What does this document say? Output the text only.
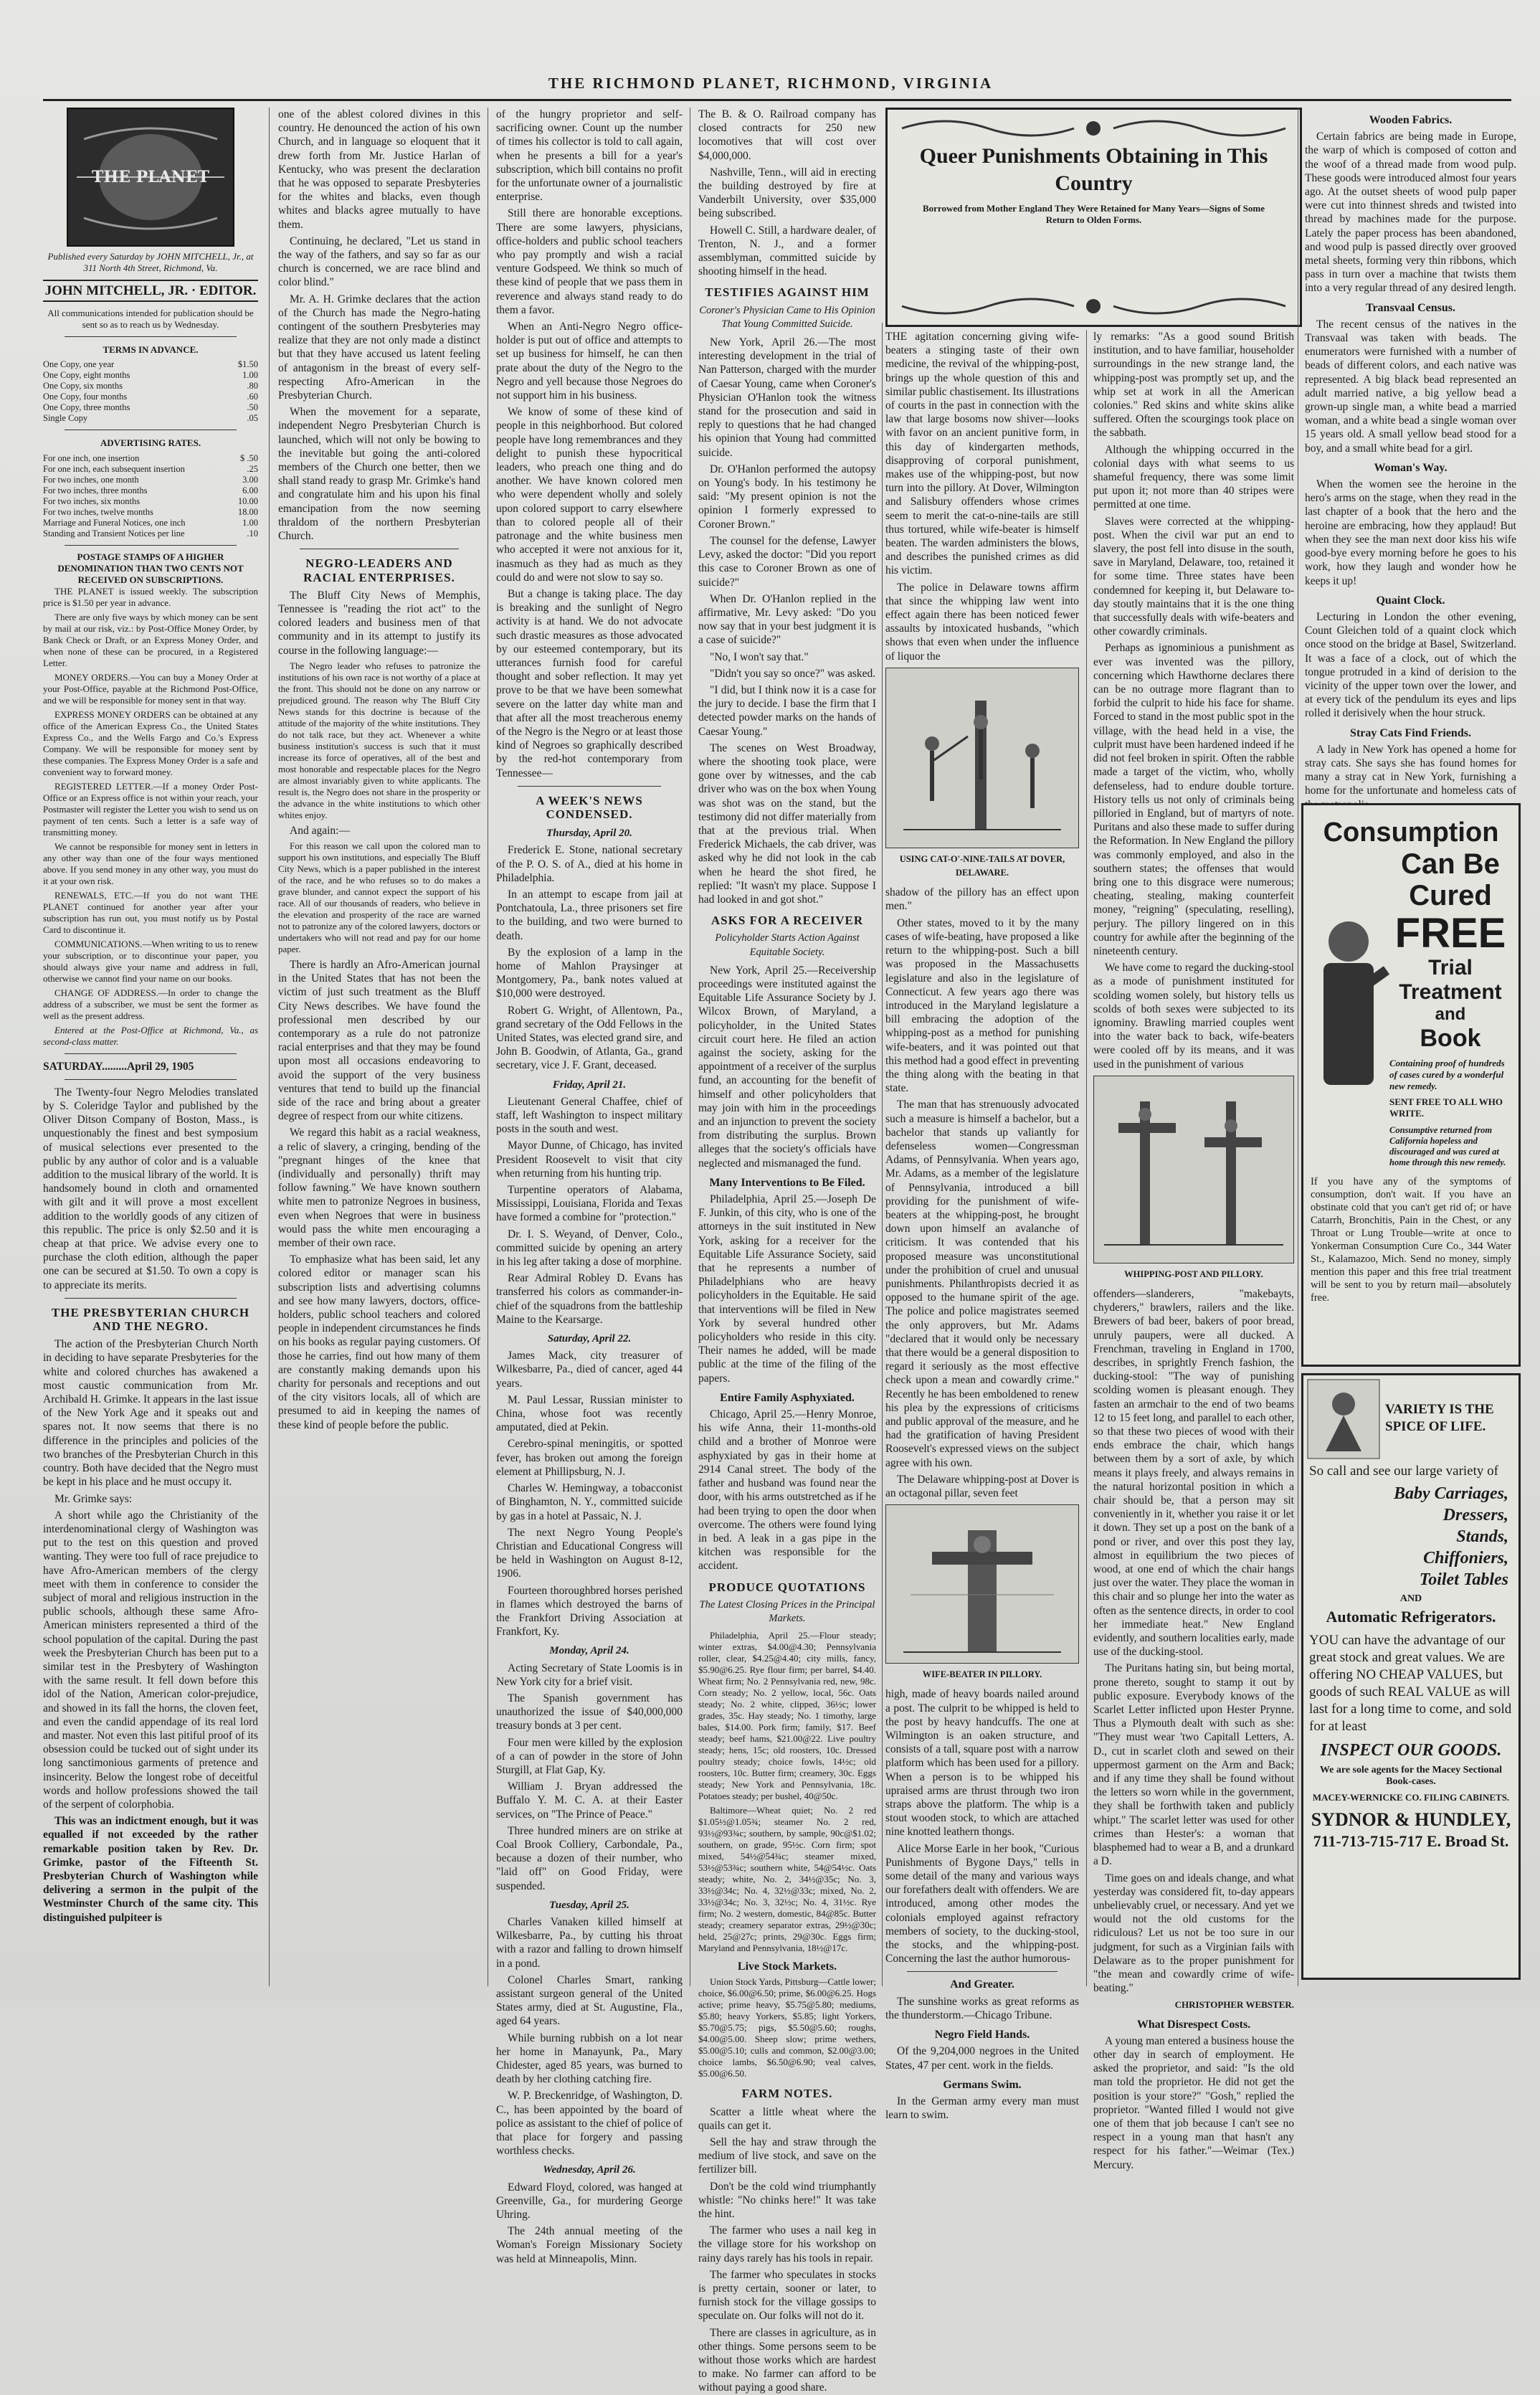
THE RICHMOND PLANET, RICHMOND, VIRGINIA
THE PLANET
Published every Saturday by JOHN MITCHELL, Jr., at 311 North 4th Street, Richmond, Va.
JOHN MITCHELL, JR. · EDITOR.
All communications intended for publication should be sent so as to reach us by Wednesday.
TERMS IN ADVANCE.
One Copy, one year	$1.50
One Copy, eight months	1.00
One Copy, six months	.80
One Copy, four months	.60
One Copy, three months	.50
Single Copy	.05
ADVERTISING RATES.
For one inch, one insertion	$ .50
For one inch, each subsequent insertion	.25
For two inches, one month	3.00
For two inches, three months	6.00
For two inches, six months	10.00
For two inches, twelve months	18.00
Marriage and Funeral Notices, one inch	1.00
Standing and Transient Notices per line	.10
POSTAGE STAMPS OF A HIGHER DENOMINATION THAN TWO CENTS NOT RECEIVED ON SUBSCRIPTIONS.

THE PLANET is issued weekly. The subscription price is $1.50 per year in advance.

There are only five ways by which money can be sent by mail at our risk, viz.: by Post-Office Money Order, by Bank Check or Draft, or an Express Money Order, and when none of these can be procured, in a Registered Letter.

MONEY ORDERS.—You can buy a Money Order at your Post-Office, payable at the Richmond Post-Office, and we will be responsible for money sent in that way.

EXPRESS MONEY ORDERS can be obtained at any office of the American Express Co., the United States Express Co., and the Wells Fargo and Co.'s Express Company. We will be responsible for money sent by these companies. The Express Money Order is a safe and convenient way to forward money.

REGISTERED LETTER.—If a money Order Post-Office or an Express office is not within your reach, your Postmaster will register the Letter you wish to send us on payment of ten cents. Such a letter is a safe way of transmitting money.

We cannot be responsible for money sent in letters in any other way than one of the four ways mentioned above. If you send money in any other way, you must do it at your own risk.

RENEWALS, ETC.—If you do not want THE PLANET continued for another year after your subscription has run out, you must notify us by Postal Card to discontinue it.

COMMUNICATIONS.—When writing to us to renew your subscription, or to discontinue your paper, you should always give your name and address in full, otherwise we cannot find your name on our books.

CHANGE OF ADDRESS.—In order to change the address of a subscriber, we must be sent the former as well as the present address.

Entered at the Post-Office at Richmond, Va., as second-class matter.

SATURDAY.........April 29, 1905

The Twenty-four Negro Melodies translated by S. Coleridge Taylor and published by the Oliver Ditson Company of Boston, Mass., is unquestionably the finest and best symposium of musical selections ever presented to the public by any author of color and is a valuable addition to the musical library of the world. It is handsomely bound in cloth and ornamented with gilt and it will prove a most excellent addition to the worldly goods of any citizen of this republic. The price is only $2.50 and it is cheap at that price. We advise every one to purchase the cloth edition, although the paper one can be secured at $1.50. To own a copy is to appreciate its merits.

THE PRESBYTERIAN CHURCH AND THE NEGRO.

The action of the Presbyterian Church North in deciding to have separate Presbyteries for the white and colored churches has awakened a most caustic communication from Mr. Archibald H. Grimke. It appears in the last issue of the New York Age and it speaks out and spares not. It now seems that there is no difference in the principles and policies of the two branches of the Presbyterian Church in this country. Both have decided that the Negro must be kept in his place and he must occupy it.

Mr. Grimke says:

A short while ago the Christianity of the interdenominational clergy of Washington was put to the test on this question and proved wanting. They were too full of race prejudice to have Afro-American members of the clergy meet with them in conference to consider the subject of moral and religious instruction in the public schools, although these same Afro-American ministers represented a third of the school population of the capital. During the past week the Presbyterian Church has been put to a similar test in the Presbytery of Washington with the same result. It fell down before this idol of the Nation, American color-prejudice, and showed in its fall the horns, the cloven feet, and even the candid appendage of its real lord and master. Not even this last pitiful proof of its obsession could be tucked out of sight under its long sanctimonious garments of pretence and insincerity. Below the longest robe of deceitful words and hollow professions showed the tail of the serpent of colorphobia.

This was an indictment enough, but it was equalled if not exceeded by the rather remarkable position taken by Rev. Dr. Grimke, pastor of the Fifteenth St. Presbyterian Church of Washington while delivering a sermon in the pulpit of the Westminster Church of the same city. This distinguished pulpiteer is

one of the ablest colored divines in this country. He denounced the action of his own Church, and in language so eloquent that it drew forth from Mr. Justice Harlan of Kentucky, who was present the declaration that he was opposed to separate Presbyteries for the whites and blacks, even though whites and blacks agree mutually to have them.

Continuing, he declared, "Let us stand in the way of the fathers, and say so far as our church is concerned, we are race blind and color blind."

Mr. A. H. Grimke declares that the action of the Church has made the Negro-hating contingent of the southern Presbyteries may realize that they are not only made a distinct but that they have accused us latent feeling of antagonism in the breast of every self-respecting Afro-American in the Presbyterian Church.

When the movement for a separate, independent Negro Presbyterian Church is launched, which will not only be bowing to the inevitable but going the anti-colored members of the Church one better, then we shall stand ready to grasp Mr. Grimke's hand and congratulate him and his upon his final emancipation from the now seeming thraldom of the northern Presbyterian Church.

NEGRO-LEADERS AND RACIAL ENTERPRISES.

The Bluff City News of Memphis, Tennessee is "reading the riot act" to the colored leaders and business men of that community and in its attempt to justify its course in the following language:—

The Negro leader who refuses to patronize the institutions of his own race is not worthy of a place at the front. This should not be done on any narrow or prejudiced ground. The reason why The Bluff City News stands for this doctrine is because of the attitude of the majority of the white institutions. They do not talk race, but they act. Whenever a white business institution's success is such that it must increase its force of operatives, all of the best and most honorable and respectable places for the Negro are almost invariably given to white applicants. The result is, the Negro does not share in the prosperity or the advance in the white institutions to which other whites enjoy.

And again:—

For this reason we call upon the colored man to support his own institutions, and especially The Bluff City News, which is a paper published in the interest of the race, and he who refuses so to do makes a grave blunder, and cannot expect the support of his race. All of our thousands of readers, who believe in the elevation and prosperity of the race are warned not to patronize any of the colored lawyers, doctors or undertakers who will not read and pay for our home paper.

There is hardly an Afro-American journal in the United States that has not been the victim of just such treatment as the Bluff City News describes. We have found the professional men described by our contemporary as a rule do not patronize racial enterprises and that they may be found upon most all occasions endeavoring to avoid the support of the very business ventures that tend to build up the financial side of the race and bring about a greater degree of respect from our white citizens.

We regard this habit as a racial weakness, a relic of slavery, a cringing, bending of the "pregnant hinges of the knee that (individually and personally) thrift may follow fawning." We have known southern white men to patronize Negroes in business, even when Negroes that were in business would pass the white men encouraging a member of their own race.

To emphasize what has been said, let any colored editor or manager scan his subscription lists and advertising columns and see how many lawyers, doctors, office-holders, public school teachers and colored people in independent circumstances he finds on his books as regular paying customers. Of those he carries, find out how many of them are constantly making demands upon his charity for personals and receptions and out of the city visitors locals, all of which are presumed to aid in keeping the names of these kind of people before the public.

of the hungry proprietor and self-sacrificing owner. Count up the number of times his collector is told to call again, when he presents a bill for a year's subscription, which bill contains no profit for the unfortunate owner of a journalistic enterprise.

Still there are honorable exceptions. There are some lawyers, physicians, office-holders and public school teachers who pay promptly and wish a racial venture Godspeed. We think so much of these kind of people that we pass them in reverence and always stand ready to do them a favor.

When an Anti-Negro Negro office-holder is put out of office and attempts to set up business for himself, he can then prate about the duty of the Negro to the Negro and yell because those Negroes do not support him in his business.

We know of some of these kind of people in this neighborhood. But colored people have long remembrances and they delight to punish these hypocritical leaders, who preach one thing and do another. We have known colored men who were dependent wholly and solely upon colored support to carry elsewhere than to colored people all of their patronage and the white business men who accepted it were not anxious for it, inasmuch as they had as much as they could do and were not slow to say so.

But a change is taking place. The day is breaking and the sunlight of Negro activity is at hand. We do not advocate such drastic measures as those advocated by our esteemed contemporary, but its utterances furnish food for careful thought and sober reflection. It may yet prove to be that we have been somewhat severe on the latter day white man and that after all the most treacherous enemy of the Negro is the Negro or at least those kind of Negroes so graphically described by the red-hot contemporary from Tennessee—

A WEEK'S NEWS CONDENSED.
Thursday, April 20.

Frederick E. Stone, national secretary of the P. O. S. of A., died at his home in Philadelphia.

In an attempt to escape from jail at Pontchatoula, La., three prisoners set fire to the building, and two were burned to death.

By the explosion of a lamp in the home of Mahlon Praysinger at Montgomery, Pa., bank notes valued at $10,000 were destroyed.

Robert G. Wright, of Allentown, Pa., grand secretary of the Odd Fellows in the United States, was elected grand sire, and John B. Goodwin, of Atlanta, Ga., grand secretary, vice J. F. Grant, deceased.

Friday, April 21.

Lieutenant General Chaffee, chief of staff, left Washington to inspect military posts in the south and west.

Mayor Dunne, of Chicago, has invited President Roosevelt to visit that city when returning from his hunting trip.

Turpentine operators of Alabama, Mississippi, Louisiana, Florida and Texas have formed a combine for "protection."

Dr. I. S. Weyand, of Denver, Colo., committed suicide by opening an artery in his leg after taking a dose of morphine.

Rear Admiral Robley D. Evans has transferred his colors as commander-in-chief of the squadrons from the battleship Maine to the Kearsarge.

Saturday, April 22.

James Mack, city treasurer of Wilkesbarre, Pa., died of cancer, aged 44 years.

M. Paul Lessar, Russian minister to China, whose foot was recently amputated, died at Pekin.

Cerebro-spinal meningitis, or spotted fever, has broken out among the foreign element at Phillipsburg, N. J.

Charles W. Hemingway, a tobacconist of Binghamton, N. Y., committed suicide by gas in a hotel at Passaic, N. J.

The next Negro Young People's Christian and Educational Congress will be held in Washington on August 8-12, 1906.

Fourteen thoroughbred horses perished in flames which destroyed the barns of the Frankfort Driving Association at Frankfort, Ky.

Monday, April 24.

Acting Secretary of State Loomis is in New York city for a brief visit.

The Spanish government has unauthorized the issue of $40,000,000 treasury bonds at 3 per cent.

Four men were killed by the explosion of a can of powder in the store of John Sturgill, at Flat Gap, Ky.

William J. Bryan addressed the Buffalo Y. M. C. A. at their Easter services, on "The Prince of Peace."

Three hundred miners are on strike at Coal Brook Colliery, Carbondale, Pa., because a dozen of their number, who "laid off" on Good Friday, were suspended.

Tuesday, April 25.

Charles Vanaken killed himself at Wilkesbarre, Pa., by cutting his throat with a razor and falling to drown himself in a pond.

Colonel Charles Smart, ranking assistant surgeon general of the United States army, died at St. Augustine, Fla., aged 64 years.

While burning rubbish on a lot near her home in Manayunk, Pa., Mary Chidester, aged 85 years, was burned to death by her clothing catching fire.

W. P. Breckenridge, of Washington, D. C., has been appointed by the board of police as assistant to the chief of police of that place for forgery and passing worthless checks.

Wednesday, April 26.

Edward Floyd, colored, was hanged at Greenville, Ga., for murdering George Uhring.

The 24th annual meeting of the Woman's Foreign Missionary Society was held at Minneapolis, Minn.

The B. & O. Railroad company has closed contracts for 250 new locomotives that will cost over $4,000,000.

Nashville, Tenn., will aid in erecting the building destroyed by fire at Vanderbilt University, over $35,000 being subscribed.

Howell C. Still, a hardware dealer, of Trenton, N. J., and a former assemblyman, committed suicide by shooting himself in the head.

TESTIFIES AGAINST HIM
Coroner's Physician Came to His Opinion That Young Committed Suicide.

New York, April 26.—The most interesting development in the trial of Nan Patterson, charged with the murder of Caesar Young, came when Coroner's Physician O'Hanlon took the witness stand for the prosecution and said in reply to questions that he had changed his opinion that Young had committed suicide.

Dr. O'Hanlon performed the autopsy on Young's body. In his testimony he said: "My present opinion is not the opinion I formerly expressed to Coroner Brown."

The counsel for the defense, Lawyer Levy, asked the doctor: "Did you report this case to Coroner Brown as one of suicide?"

When Dr. O'Hanlon replied in the affirmative, Mr. Levy asked: "Do you now say that in your best judgment it is a case of suicide?"

"No, I won't say that."

"Didn't you say so once?" was asked.

"I did, but I think now it is a case for the jury to decide. I base the firm that I detected powder marks on the hands of Caesar Young."

The scenes on West Broadway, where the shooting took place, were gone over by witnesses, and the cab driver who was on the box when Young was shot was on the stand, but the testimony did not differ materially from that at the previous trial. When Frederick Michaels, the cab driver, was asked why he did not look in the cab when he heard the shot fired, he replied: "It wasn't my place. Suppose I had looked in and got shot."

ASKS FOR A RECEIVER
Policyholder Starts Action Against Equitable Society.

New York, April 25.—Receivership proceedings were instituted against the Equitable Life Assurance Society by J. Wilcox Brown, of Maryland, a policyholder, in the United States circuit court here. He filed an action against the society, asking for the appointment of a receiver of the surplus fund, an accounting for the benefit of himself and other policyholders that may join with him in the proceedings and an injunction to prevent the society from distributing the surplus. Brown alleges that the society's officials have neglected and mismanaged the fund.

Many Interventions to Be Filed.

Philadelphia, April 25.—Joseph De F. Junkin, of this city, who is one of the attorneys in the suit instituted in New York, asking for a receiver for the Equitable Life Assurance Society, said that he represents a number of Philadelphians who are heavy policyholders in the Equitable. He said that interventions will be filed in New York by several hundred other policyholders who reside in this city. Their names he added, will be made public at the time of the filing of the papers.

Entire Family Asphyxiated.

Chicago, April 25.—Henry Monroe, his wife Anna, their 11-months-old child and a brother of Monroe were asphyxiated by gas in their home at 2914 Canal street. The body of the father and husband was found near the door, with his arms outstretched as if he had been trying to open the door when overcome. The others were found lying in bed. A leak in a gas pipe in the kitchen was responsible for the accident.

PRODUCE QUOTATIONS
The Latest Closing Prices in the Principal Markets.

Philadelphia, April 25.—Flour steady; winter extras, $4.00@4.30; Pennsylvania roller, clear, $4.25@4.40; city mills, fancy, $5.90@6.25. Rye flour firm; per barrel, $4.40. Wheat firm; No. 2 Pennsylvania red, new, 98c. Corn steady; No. 2 yellow, local, 56c. Oats steady; No. 2 white, clipped, 36½c; lower grades, 35c. Hay steady; No. 1 timothy, large bales, $14.00. Pork firm; family, $17. Beef steady; beef hams, $21.00@22. Live poultry steady; hens, 15c; old roosters, 10c. Dressed poultry steady; choice fowls, 14½c; old roosters, 10c. Butter firm; creamery, 30c. Eggs steady; New York and Pennsylvania, 18c. Potatoes steady; per bushel, 40@50c.

Baltimore—Wheat quiet; No. 2 red $1.05½@1.05¾; steamer No. 2 red, 93½@93¾c; southern, by sample, 90c@$1.02; southern, on grade, 95½c. Corn firm; spot mixed, 54½@54¾c; steamer mixed, 53½@53¾c; southern white, 54@54½c. Oats steady; white, No. 2, 34½@35c; No. 3, 33½@34c; No. 4, 32½@33c; mixed, No. 2, 33½@34c; No. 3, 32½c; No. 4, 31½c. Rye firm; No. 2 western, domestic, 84@85c. Butter steady; creamery separator extras, 29½@30c; held, 25@27c; prints, 29@30c. Eggs firm; Maryland and Pennsylvania, 18½@17c.

Live Stock Markets.

Union Stock Yards, Pittsburg—Cattle lower; choice, $6.00@6.50; prime, $6.00@6.25. Hogs active; prime heavy, $5.75@5.80; mediums, $5.80; heavy Yorkers, $5.85; light Yorkers, $5.70@5.75; pigs, $5.50@5.60; roughs, $4.00@5.00. Sheep slow; prime wethers, $5.00@5.10; culls and common, $2.00@3.00; choice lambs, $6.50@6.90; veal calves, $5.00@6.50.

FARM NOTES.

Scatter a little wheat where the quails can get it.

Sell the hay and straw through the medium of live stock, and save on the fertilizer bill.

Don't be the cold wind triumphantly whistle: "No chinks here!" It was take the hint.

The farmer who uses a nail keg in the village store for his workshop on rainy days rarely has his tools in repair.

The farmer who speculates in stocks is pretty certain, sooner or later, to furnish stock for the village gossips to speculate on. Our folks will not do it.

There are classes in agriculture, as in other things. Some persons seem to be without those works which are hardest to make. No farmer can afford to be without paying a good share.

Queer Punishments Obtaining in This Country
Borrowed from Mother England They Were Retained for Many Years—Signs of Some Return to Olden Forms.

THE agitation concerning giving wife-beaters a stinging taste of their own medicine, the revival of the whipping-post, brings up the whole question of this and similar public chastisement. Its illustrations of courts in the past in connection with the law that large bosoms now shiver—looks with favor on an ancient punitive form, in this day of kindergarten methods, disapproving of corporal punishment, makes use of the whipping-post, but now turn into the pillory. At Dover, Wilmington and Salisbury offenders whose crimes seem to merit the cat-o-nine-tails are still thus tortured, while wife-beater is himself beaten. The warden administers the blows, and describes the punished crimes as did his victim.

The police in Delaware towns affirm that since the whipping law went into effect again there has been noticed fewer assaults by intoxicated husbands, "which shows that even when under the influence of liquor the

USING CAT-O'-NINE-TAILS AT DOVER, DELAWARE.

shadow of the pillory has an effect upon men."

Other states, moved to it by the many cases of wife-beating, have proposed a like return to the whipping-post. Such a bill was proposed in the Massachusetts legislature and also in the legislature of Connecticut. A few years ago there was introduced in the Maryland legislature a bill embracing the adoption of the whipping-post as a method for punishing wife-beaters, and it was pointed out that this method had a good effect in preventing the thing along with the beating in that state.

The man that has strenuously advocated such a measure is himself a bachelor, but a bachelor that stands up valiantly for defenseless women—Congressman Adams, of Pennsylvania. When years ago, Mr. Adams, as a member of the legislature of Pennsylvania, introduced a bill providing for the punishment of wife-beaters at the whipping-post, he brought down upon himself an avalanche of criticism. It was contended that his proposed measure was unconstitutional under the prohibition of cruel and unusual punishments. Philanthropists decried it as opposed to the humane spirit of the age. The police and police magistrates seemed the only approvers, but Mr. Adams "declared that it would only be necessary that there would be a general disposition to regard it seriously as the most effective check upon a mean and cowardly crime." Recently he has been emboldened to renew his plea by the expressions of criticisms and public approval of the measure, and he had the gratification of having President Roosevelt's expressed views on the subject agree with his own.

The Delaware whipping-post at Dover is an octagonal pillar, seven feet

WIFE-BEATER IN PILLORY.

high, made of heavy boards nailed around a post. The culprit to be whipped is held to the post by heavy handcuffs. The one at Wilmington is an oaken structure, and consists of a tall, square post with a narrow platform which has been used for a pillory. When a person is to be whipped his upraised arms are thrust through two iron straps above the platform. The whip is a stout wooden stock, to which are attached nine knotted leathern thongs.

Alice Morse Earle in her book, "Curious Punishments of Bygone Days," tells in some detail of the many and various ways our forefathers dealt with offenders. We are introduced, among other modes the colonials employed against refractory members of society, to the ducking-stool, the stocks, and the whipping-post. Concerning the last the author humorous-

And Greater.

The sunshine works as great reforms as the thunderstorm.—Chicago Tribune.

Negro Field Hands.

Of the 9,204,000 negroes in the United States, 47 per cent. work in the fields.

Germans Swim.

In the German army every man must learn to swim.

ly remarks: "As a good sound British institution, and to have familiar, householder surroundings in the new strange land, the whipping-post was promptly set up, and the whip set at work in all the American colonies." Red skins and white skins alike suffered. Often the scourgings took place on the sabbath.

Although the whipping occurred in the colonial days with what seems to us shameful frequency, there was some limit put upon it; not more than 40 stripes were permitted at one time.

Slaves were corrected at the whipping-post. When the civil war put an end to slavery, the post fell into disuse in the south, save in Maryland, Delaware, too, retained it for some time. Three states have been condemned for keeping it, but Delaware to-day stoutly maintains that it is the one thing that successfully deals with wife-beaters and other cowardly criminals.

Perhaps as ignominious a punishment as ever was invented was the pillory, concerning which Hawthorne declares there can be no outrage more flagrant than to forbid the culprit to hide his face for shame. Forced to stand in the most public spot in the village, with the head held in a vise, the culprit must have been hardened indeed if he did not feel broken in spirit. Often the rabble made a target of the victim, who, wholly defenseless, had to endure double torture. History tells us not only of criminals being pilloried in England, but of martyrs of note. Puritans and also these made to suffer during the Reformation. In New England the pillory was commonly employed, and also in the southern states; the offenses that would bring one to this disgrace were numerous; cheating, stealing, making counterfeit money, "reigning" (speculating, reselling), perjury. The pillory lingered on in this country for awhile after the beginning of the nineteenth century.

We have come to regard the ducking-stool as a mode of punishment instituted for scolding women solely, but history tells us scolds of both sexes were subjected to its ignominy. Brawling married couples went into the water back to back, wife-beaters were cooled off by its means, and it was used in the punishment of various

WHIPPING-POST AND PILLORY.

offenders—slanderers, "makebayts, chyderers," brawlers, railers and the like. Brewers of bad beer, bakers of poor bread, unruly paupers, were all ducked. A Frenchman, traveling in England in 1700, describes, in sprightly French fashion, the ducking-stool: "The way of punishing scolding women is pleasant enough. They fasten an armchair to the end of two beams 12 to 15 feet long, and parallel to each other, so that these two pieces of wood with their ends embrace the chair, which hangs between them by a sort of axle, by which means it plays freely, and always remains in the natural horizontal position in which a chair should be, that a person may sit conveniently in it, whether you raise it or let it down. They set up a post on the bank of a pond or river, and over this post they lay, almost in equilibrium the two pieces of wood, at one end of which the chair hangs just over the water. They place the woman in this chair and so plunge her into the water as often as the sentence directs, in order to cool her immediate heat." New England evidently, and southern localities early, made use of the ducking-stool.

The Puritans hating sin, but being mortal, prone thereto, sought to stamp it out by public exposure. Everybody knows of the Scarlet Letter inflicted upon Hester Prynne. Thus a Plymouth dealt with such as she: "They must wear 'two Capitall Letters, A. D., cut in scarlet cloth and sewed on their uppermost garment on the Arm and Back; and if any time they shall be found without the letters so worn while in the government, they shall be forthwith taken and publicly whipt." The scarlet letter was used for other crimes than Hester's: a woman that blasphemed had to wear a B, and a drunkard a D.

Time goes on and ideals change, and what yesterday was considered fit, to-day appears unbelievably cruel, or necessary. And yet we would not the old customs for the ridiculous? Let us not be too sure in our judgment, for such as a Virginian fails with Delaware as to the proper punishment for "the mean and cowardly crime of wife-beating."

CHRISTOPHER WEBSTER.
What Disrespect Costs.

A young man entered a business house the other day in search of employment. He asked the proprietor, and said: "Is the old man told the proprietor. He did not get the position is your store?" "Gosh," replied the proprietor. "Wanted filled I would not give one of them that job because I can't see no respect in a young man that hasn't any respect for his father."—Weimar (Tex.) Mercury.

Wooden Fabrics.

Certain fabrics are being made in Europe, the warp of which is composed of cotton and the woof of a thread made from wood pulp. These goods were introduced almost four years ago. At the outset sheets of wood pulp paper were cut into thinnest shreds and twisted into thread by machines made for the purpose. Lately the paper process has been abandoned, and wood pulp is passed directly over grooved metal sheets, forming very thin ribbons, which pass in turn over a machine that twists them into a very regular thread of any desired length.

Transvaal Census.

The recent census of the natives in the Transvaal was taken with beads. The enumerators were furnished with a number of beads of different colors, and each native was represented. A big black bead represented an adult married native, a big yellow bead a grown-up single man, a white bead a married woman, and a white bead a single woman over 15 years old. A small yellow bead stood for a boy, and a small white bead for a girl.

Woman's Way.

When the women see the heroine in the hero's arms on the stage, when they read in the last chapter of a book that the hero and the heroine are embracing, how they applaud! But when they see the man next door kiss his wife good-bye every morning before he goes to his work, how they laugh and wonder how he keeps it up!

Quaint Clock.

Lecturing in London the other evening, Count Gleichen told of a quaint clock which once stood on the bridge at Basel, Switzerland. It was a face of a clock, out of which the tongue protruded in a kind of derision to the vicinity of the upper town over the lower, and at every tick of the pendulum its eyes and lips rolled it derisively when the hour struck.

Stray Cats Find Friends.

A lady in New York has opened a home for stray cats. She says she has found homes for many a stray cat in New York, furnishing a home for the unfortunate and homeless cats of

Consumption
Can Be
Cured
FREE
Trial
Treatment
and
Book
Containing proof of hundreds of cases cured by a wonderful new remedy.
SENT FREE TO ALL WHO WRITE.
Consumptive returned from California hopeless and discouraged and was cured at home through this new remedy.

If you have any of the symptoms of consumption, don't wait. If you have an obstinate cold that you can't get rid of; or have Catarrh, Bronchitis, Pain in the Chest, or any Throat or Lung Trouble—write at once to Yonkerman Consumption Cure Co., 344 Water St., Kalamazoo, Mich. Send no money, simply mention this paper and this free trial treatment will be sent to you by return mail—absolutely free.

VARIETY IS THE SPICE OF LIFE.
So call and see our large variety of
Baby Carriages,
Dressers,
Stands,
Chiffoniers,
Toilet Tables
AND
Automatic Refrigerators.

YOU can have the advantage of our great stock and great values. We are offering NO CHEAP VALUES, but goods of such REAL VALUE as will last for a long time to come, and sold for at least

INSPECT OUR GOODS.
We are sole agents for the Macey Sectional Book-cases.
MACEY-WERNICKE CO. FILING CABINETS.
SYDNOR & HUNDLEY,
711-713-715-717 E. Broad St.
